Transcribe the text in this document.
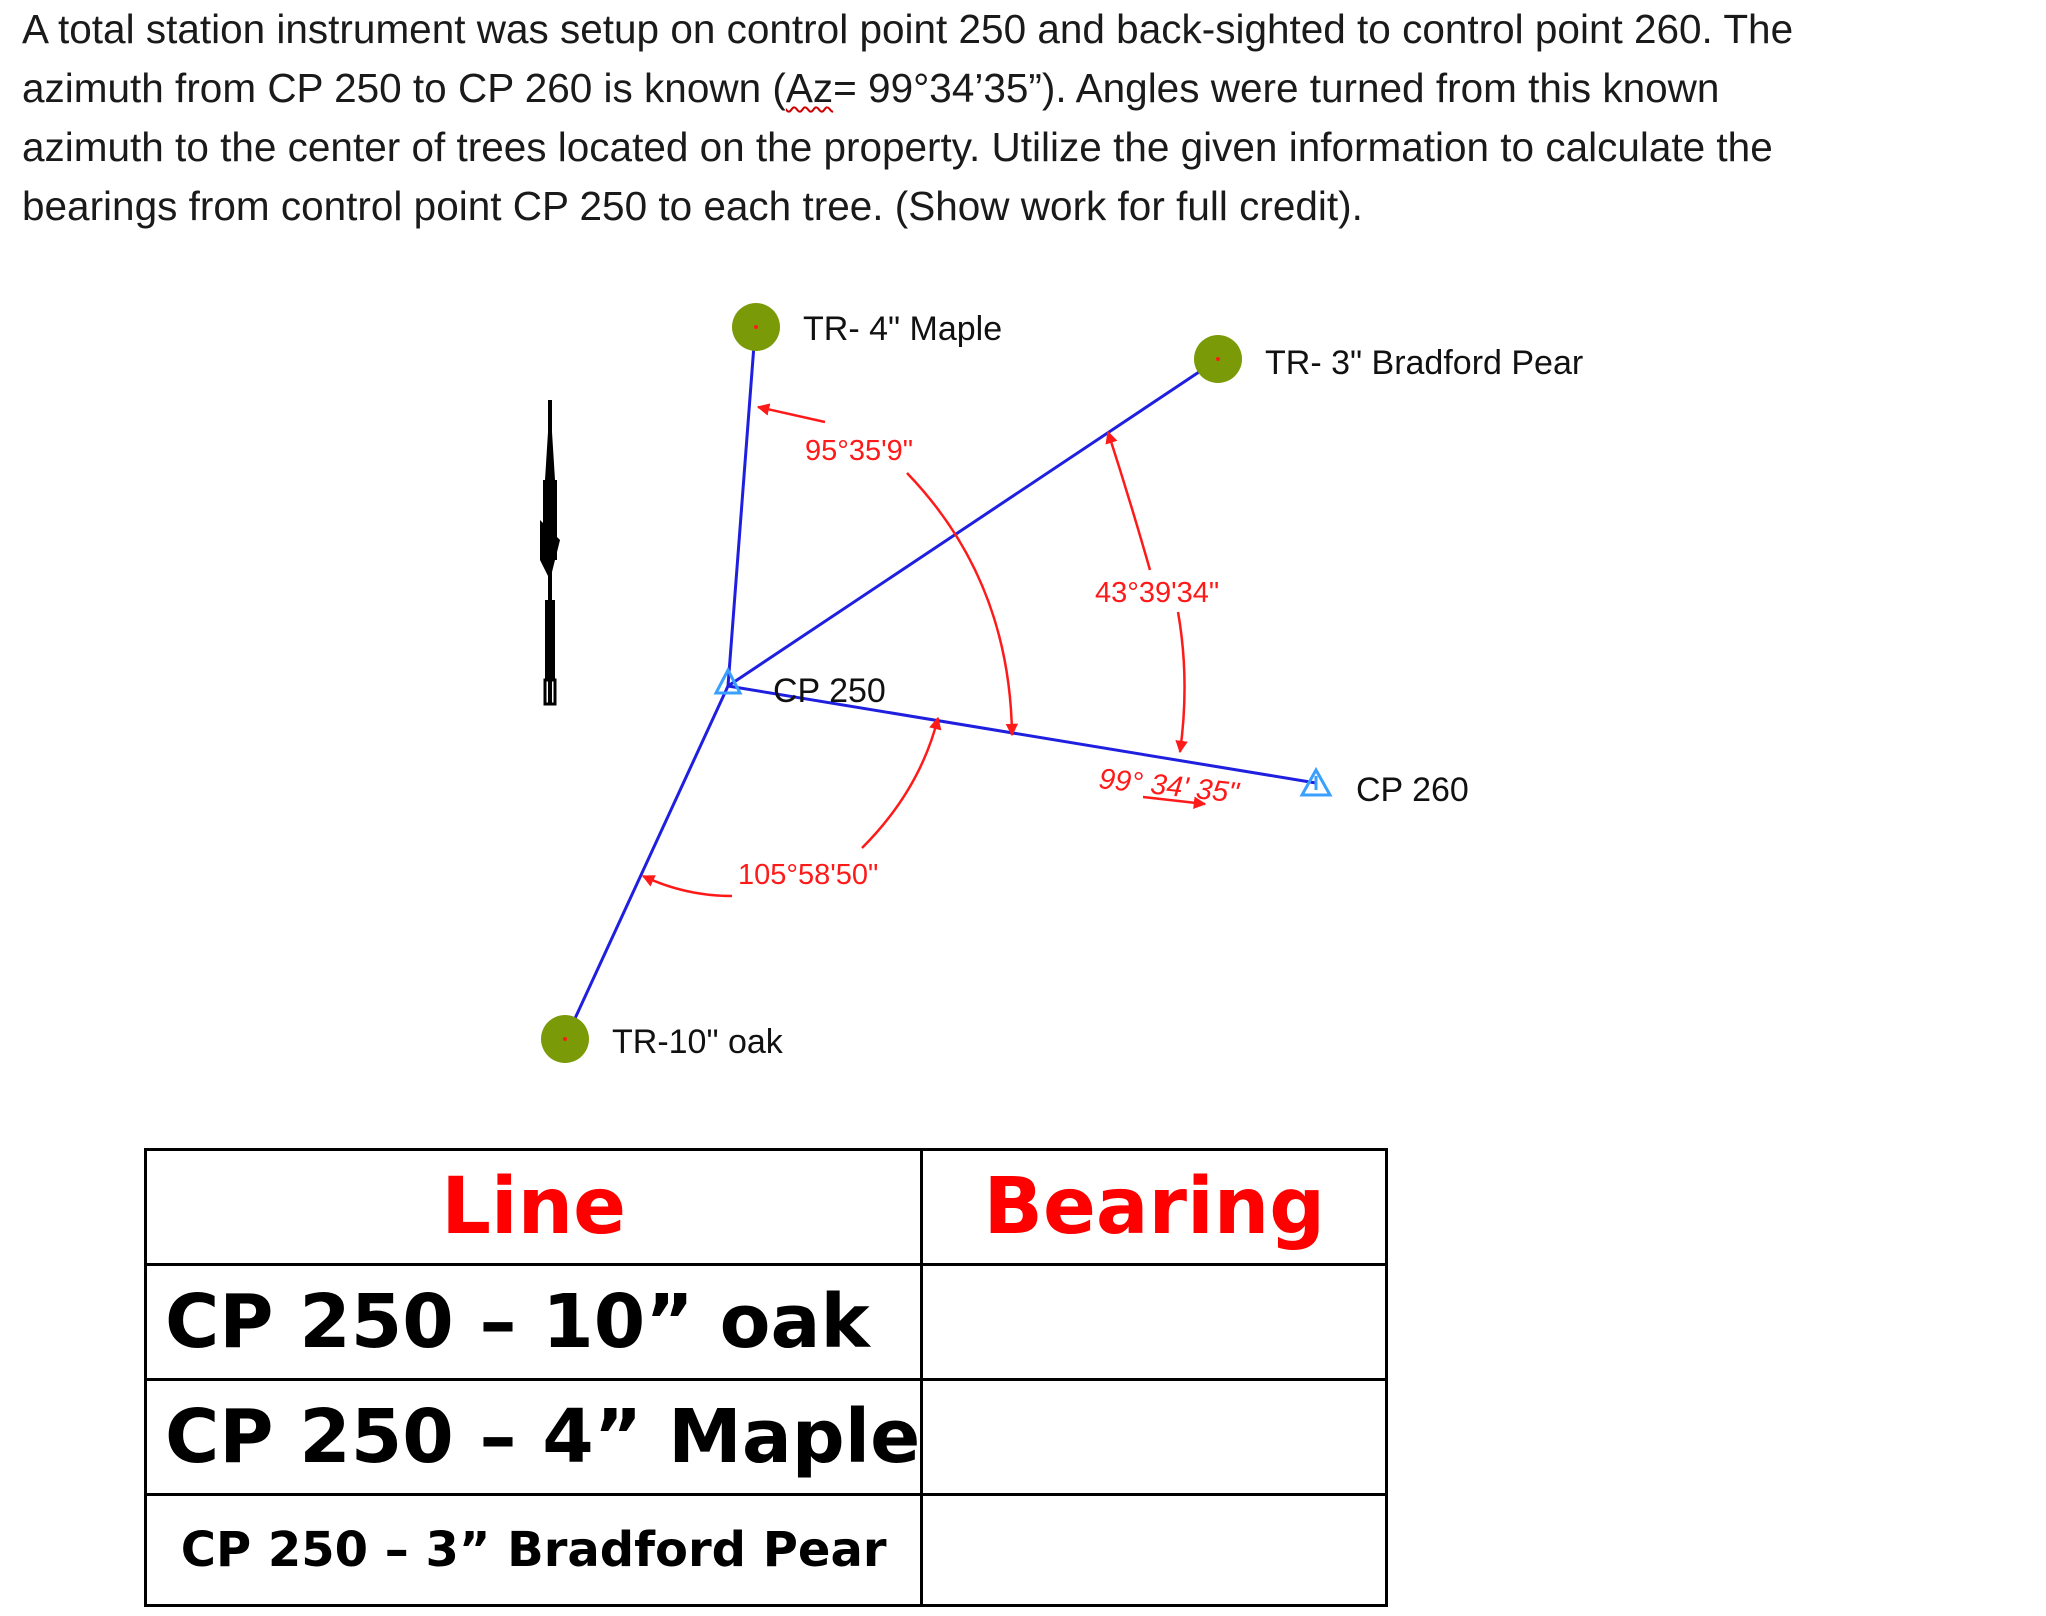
A total station instrument was setup on control point 250 and back-sighted to control point 260. The
azimuth from CP 250 to CP 260 is known (Az= 99°34’35”). Angles were turned from this known
azimuth to the center of trees located on the property. Utilize the given information to calculate the
bearings from control point CP 250 to each tree. (Show work for full credit).
TR- 4" Maple
TR- 3" Bradford Pear
TR-10" oak
CP 250
CP 260
95°35'9"
43°39'34"
105°58'50"
99° 34' 35"
Line	Bearing
CP 250 – 10” oak	
CP 250 – 4” Maple	
CP 250 – 3” Bradford Pear	
